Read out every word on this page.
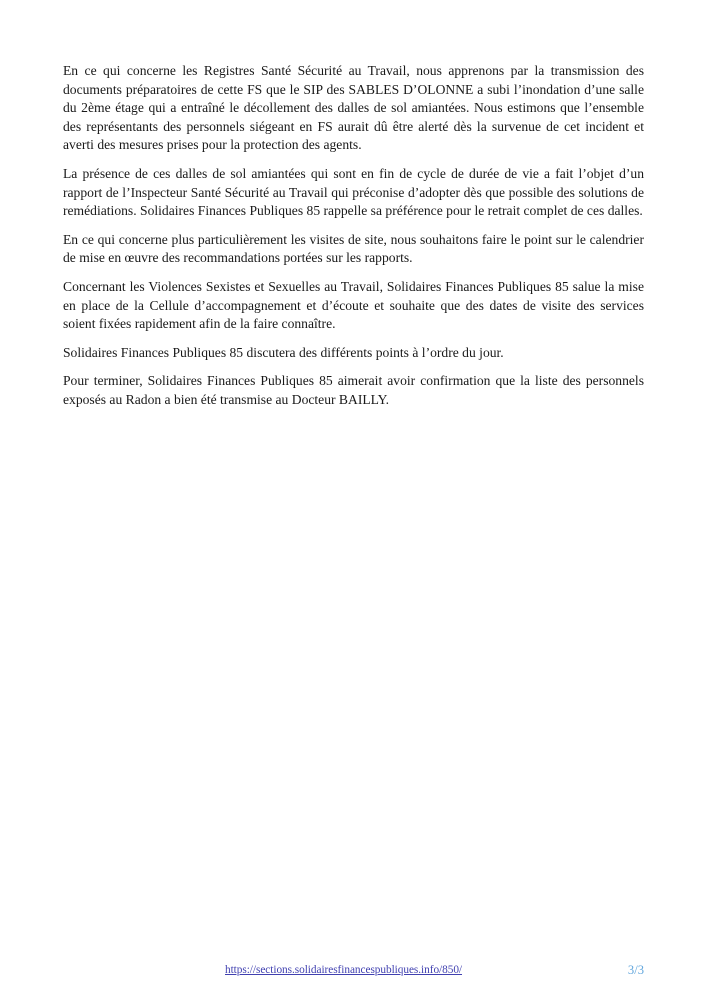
En ce qui concerne les Registres Santé Sécurité au Travail, nous apprenons par la transmission des documents préparatoires de cette FS que le SIP des SABLES D’OLONNE a subi l’inondation d’une salle du 2ème étage qui a entraîné le décollement des dalles de sol amiantées. Nous estimons que l’ensemble des représentants des personnels siégeant en FS aurait dû être alerté dès la survenue de cet incident et averti des mesures prises pour la protection des agents.

La présence de ces dalles de sol amiantées qui sont en fin de cycle de durée de vie a fait l’objet d’un rapport de l’Inspecteur Santé Sécurité au Travail qui préconise d’adopter dès que possible des solutions de remédiations. Solidaires Finances Publiques 85 rappelle sa préférence pour le retrait complet de ces dalles.

En ce qui concerne plus particulièrement les visites de site, nous souhaitons faire le point sur le calendrier de mise en œuvre des recommandations portées sur les rapports.

Concernant les Violences Sexistes et Sexuelles au Travail, Solidaires Finances Publiques 85 salue la mise en place de la Cellule d’accompagnement et d’écoute et souhaite que des dates de visite des services soient fixées rapidement afin de la faire connaître.

Solidaires Finances Publiques 85 discutera des différents points à l’ordre du jour.

Pour terminer, Solidaires Finances Publiques 85 aimerait avoir confirmation que la liste des personnels exposés au Radon a bien été transmise au Docteur BAILLY.

https://sections.solidairesfinancespubliques.info/850/	3/3
